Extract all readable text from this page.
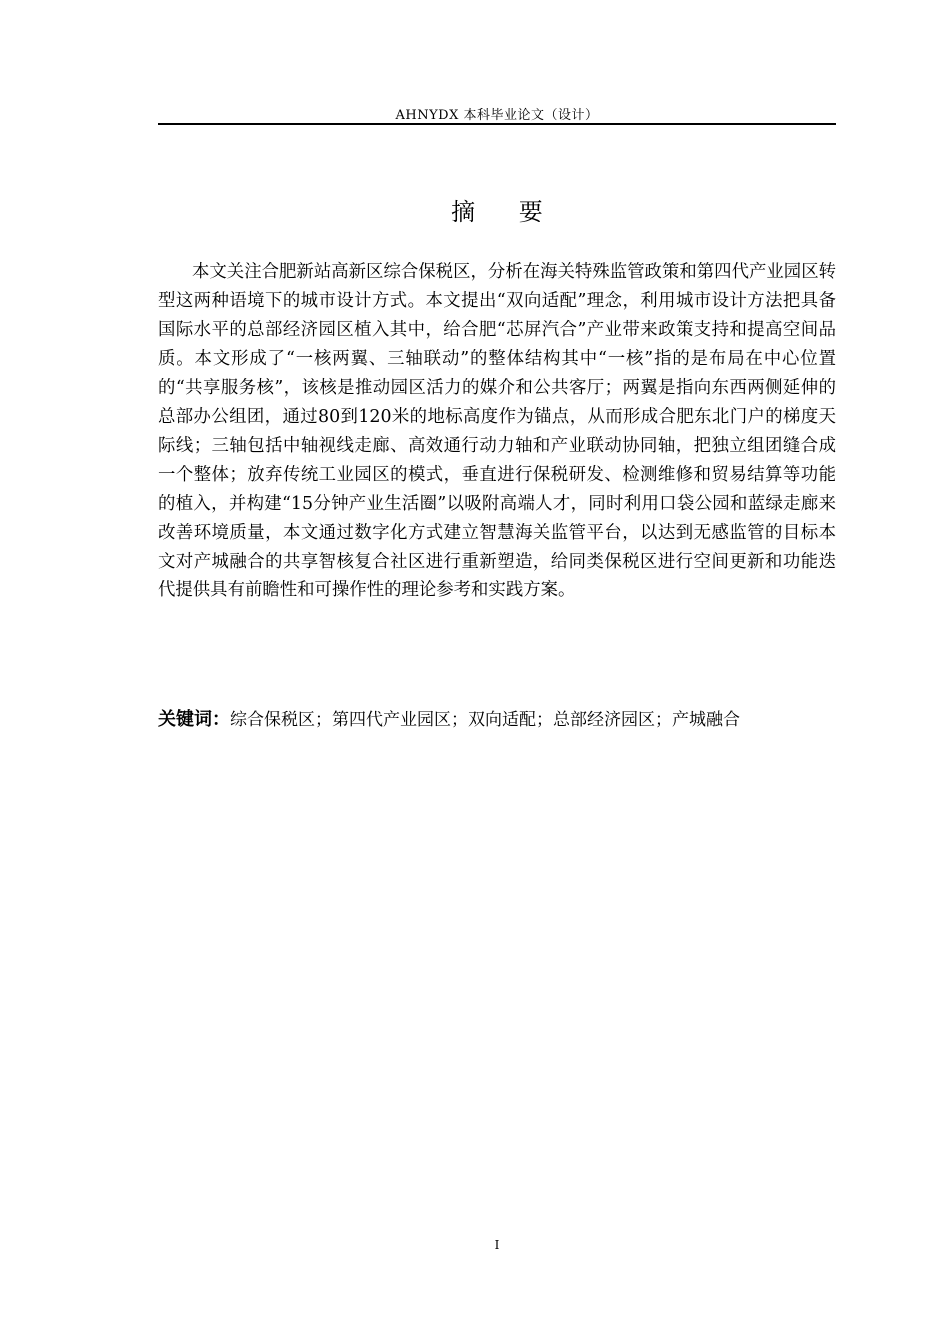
AHNYDX 本科毕业论文（设计）
摘 要

本文关注合肥新站高新区综合保税区，分析在海关特殊监管政策和第四代产业园区转型这两种语境下的城市设计方式。本文提出“双向适配”理念，利用城市设计方法把具备国际水平的总部经济园区植入其中，给合肥“芯屏汽合”产业带来政策支持和提高空间品质。本文形成了“一核两翼、三轴联动”的整体结构其中“一核”指的是布局在中心位置的“共享服务核”，该核是推动园区活力的媒介和公共客厅；两翼是指向东西两侧延伸的总部办公组团，通过80到120米的地标高度作为锚点，从而形成合肥东北门户的梯度天际线；三轴包括中轴视线走廊、高效通行动力轴和产业联动协同轴，把独立组团缝合成一个整体；放弃传统工业园区的模式，垂直进行保税研发、检测维修和贸易结算等功能的植入，并构建“15分钟产业生活圈”以吸附高端人才，同时利用口袋公园和蓝绿走廊来改善环境质量，本文通过数字化方式建立智慧海关监管平台，以达到无感监管的目标本文对产城融合的共享智核复合社区进行重新塑造，给同类保税区进行空间更新和功能迭代提供具有前瞻性和可操作性的理论参考和实践方案。

关键词：综合保税区；第四代产业园区；双向适配；总部经济园区；产城融合
I
